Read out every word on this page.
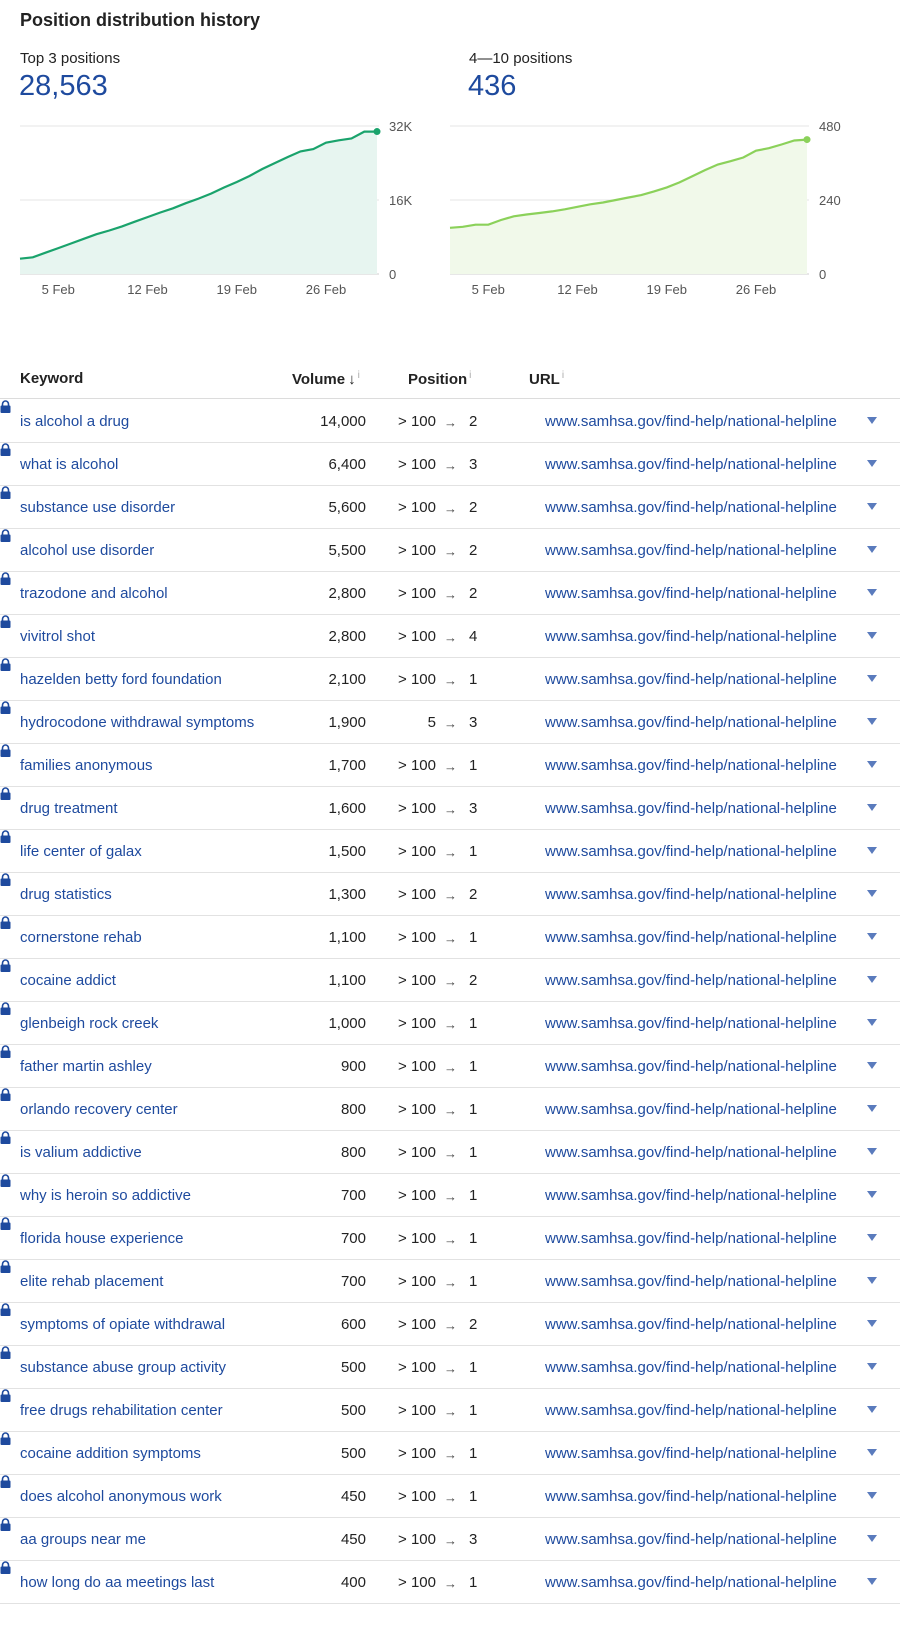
Position distribution history
Top 3 positions
28,563
4—10 positions
436
32K
16K
0
5 Feb	12 Feb	19 Feb	26 Feb
480
240
0
5 Feb	12 Feb	19 Feb	26 Feb
Keyword	Volume ↓ $^i$	Position $^i$	URL $^i$
is alcohol a drug	14,000 > 100 → 2	www.samhsa.gov/find-help/national-helpline
what is alcohol	6,400 > 100 → 3	www.samhsa.gov/find-help/national-helpline
substance use disorder	5,600 > 100 → 2	www.samhsa.gov/find-help/national-helpline
alcohol use disorder	5,500 > 100 → 2	www.samhsa.gov/find-help/national-helpline
trazodone and alcohol	2,800 > 100 → 2	www.samhsa.gov/find-help/national-helpline
vivitrol shot	2,800 > 100 → 4	www.samhsa.gov/find-help/national-helpline
hazelden betty ford foundation	2,100 > 100 → 1	www.samhsa.gov/find-help/national-helpline
hydrocodone withdrawal symptoms	1,900	5 → 3	www.samhsa.gov/find-help/national-helpline
families anonymous	1,700 > 100 → 1	www.samhsa.gov/find-help/national-helpline
drug treatment	1,600 > 100 → 3	www.samhsa.gov/find-help/national-helpline
life center of galax	1,500 > 100 → 1	www.samhsa.gov/find-help/national-helpline
drug statistics	1,300 > 100 → 2	www.samhsa.gov/find-help/national-helpline
cornerstone rehab	1,100 > 100 → 1	www.samhsa.gov/find-help/national-helpline
cocaine addict	1,100 > 100 → 2	www.samhsa.gov/find-help/national-helpline
glenbeigh rock creek	1,000 > 100 → 1	www.samhsa.gov/find-help/national-helpline
father martin ashley	900 > 100 → 1	www.samhsa.gov/find-help/national-helpline
orlando recovery center	800 > 100 → 1	www.samhsa.gov/find-help/national-helpline
is valium addictive	800 > 100 → 1	www.samhsa.gov/find-help/national-helpline
why is heroin so addictive	700 > 100 → 1	www.samhsa.gov/find-help/national-helpline
florida house experience	700 > 100 → 1	www.samhsa.gov/find-help/national-helpline
elite rehab placement	700 > 100 → 1	www.samhsa.gov/find-help/national-helpline
symptoms of opiate withdrawal	600 > 100 → 2	www.samhsa.gov/find-help/national-helpline
substance abuse group activity	500 > 100 → 1	www.samhsa.gov/find-help/national-helpline
free drugs rehabilitation center	500 > 100 → 1	www.samhsa.gov/find-help/national-helpline
cocaine addition symptoms	500 > 100 → 1	www.samhsa.gov/find-help/national-helpline
does alcohol anonymous work	450 > 100 → 1	www.samhsa.gov/find-help/national-helpline
aa groups near me	450 > 100 → 3	www.samhsa.gov/find-help/national-helpline
how long do aa meetings last	400 > 100 → 1	www.samhsa.gov/find-help/national-helpline
